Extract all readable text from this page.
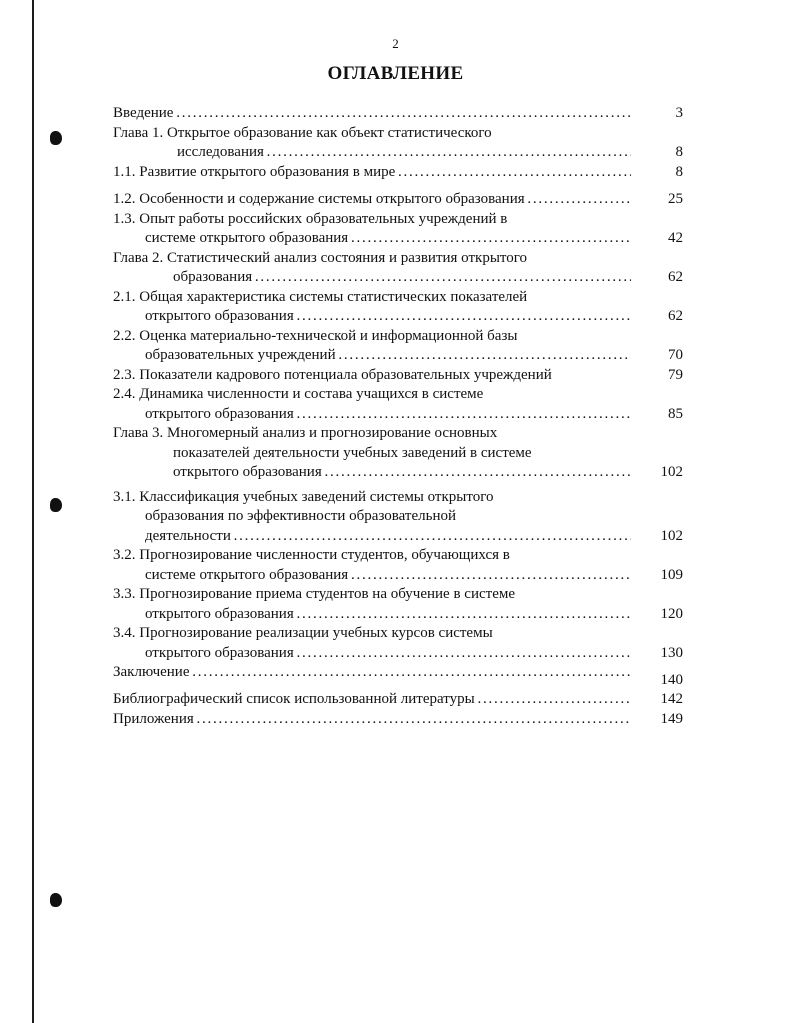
2
ОГЛАВЛЕНИЕ
Введение . . .	3
Глава 1. Открытое образование как объект статистического
исследования . . .	8
1.1. Развитие открытого образования в мире . . .	8
1.2. Особенности и содержание системы открытого образования . . .	25
1.3. Опыт работы российских образовательных учреждений в
системе открытого образования . . .	42
Глава 2. Статистический анализ состояния и развития открытого
образования . . .	62
2.1. Общая характеристика системы статистических показателей
открытого образования . . .	62
2.2. Оценка материально-технической и информационной базы
образовательных учреждений . . .	70
2.3. Показатели кадрового потенциала образовательных учреждений	79
2.4. Динамика численности и состава учащихся в системе
открытого образования . . .	85
Глава 3. Многомерный анализ и прогнозирование основных
показателей деятельности учебных заведений в системе
открытого образования . . .	102
3.1. Классификация учебных заведений системы открытого
образования по эффективности образовательной
деятельности . . .	102
3.2. Прогнозирование численности студентов, обучающихся в
системе открытого образования . . .	109
3.3. Прогнозирование приема студентов на обучение в системе
открытого образования . . .	120
3.4. Прогнозирование реализации учебных курсов системы
открытого образования . . .	130
Заключение . . .	140
Библиографический список использованной литературы . . .	142
Приложения . . .	149
